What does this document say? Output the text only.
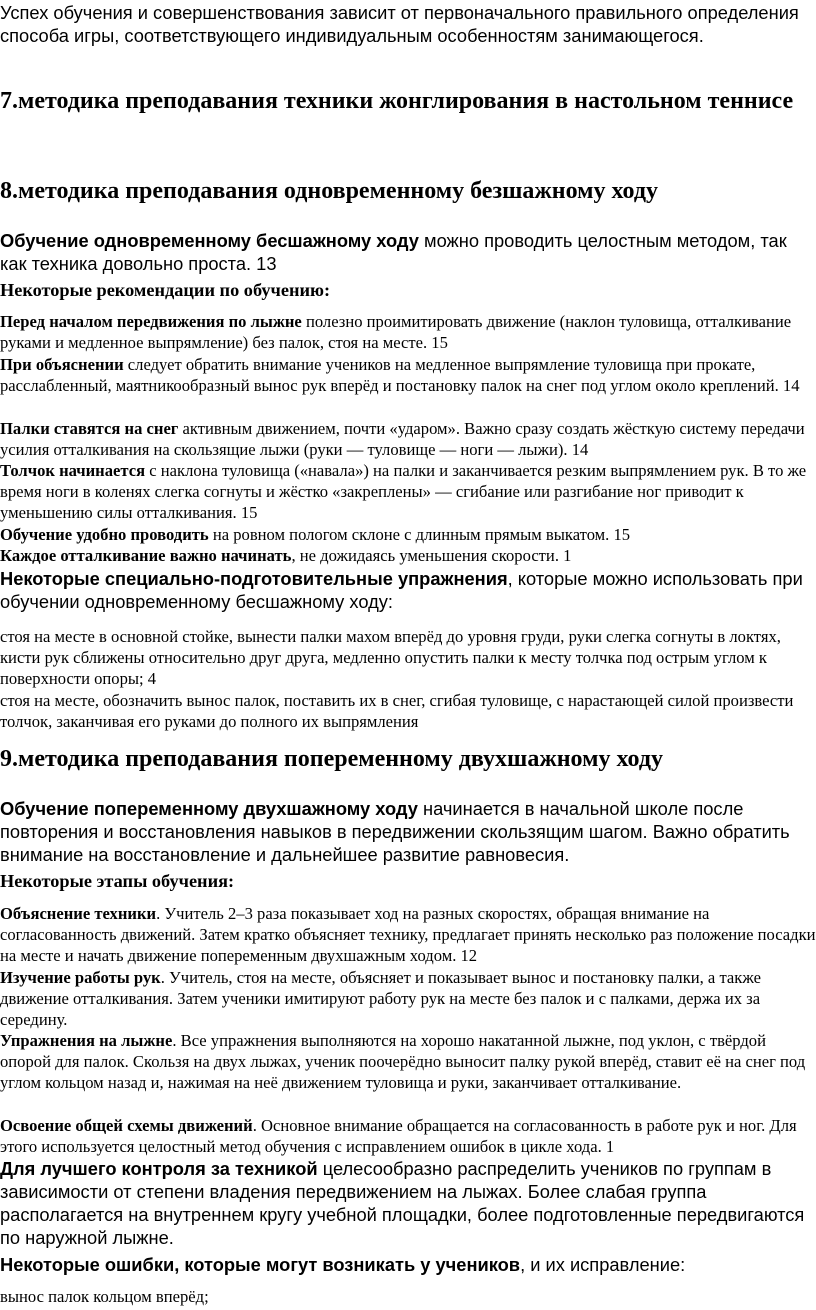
Успех обучения и совершенствования зависит от первоначального правильного определения способа игры, соответствующего индивидуальным особенностям занимающегося.

7.методика преподавания техники жонглирования в настольном теннисе
8.методика преподавания одновременному безшажному ходу

Обучение одновременному бесшажному ходу можно проводить целостным методом, так как техника довольно проста. 13

Некоторые рекомендации по обучению:

Перед началом передвижения по лыжне полезно проимитировать движение (наклон туловища, отталкивание руками и медленное выпрямление) без палок, стоя на месте. 15

При объяснении следует обратить внимание учеников на медленное выпрямление туловища при прокате, расслабленный, маятникообразный вынос рук вперёд и постановку палок на снег под углом около креплений. 14

Палки ставятся на снег активным движением, почти «ударом». Важно сразу создать жёсткую систему передачи усилия отталкивания на скользящие лыжи (руки — туловище — ноги — лыжи). 14

Толчок начинается с наклона туловища («навала») на палки и заканчивается резким выпрямлением рук. В то же время ноги в коленях слегка согнуты и жёстко «закреплены» — сгибание или разгибание ног приводит к уменьшению силы отталкивания. 15

Обучение удобно проводить на ровном пологом склоне с длинным прямым выкатом. 15

Каждое отталкивание важно начинать, не дожидаясь уменьшения скорости. 1

Некоторые специально-подготовительные упражнения, которые можно использовать при обучении одновременному бесшажному ходу:

стоя на месте в основной стойке, вынести палки махом вперёд до уровня груди, руки слегка согнуты в локтях, кисти рук сближены относительно друг друга, медленно опустить палки к месту толчка под острым углом к поверхности опоры; 4

стоя на месте, обозначить вынос палок, поставить их в снег, сгибая туловище, с нарастающей силой произвести толчок, заканчивая его руками до полного их выпрямления

9.методика преподавания попеременному двухшажному ходу

Обучение попеременному двухшажному ходу начинается в начальной школе после повторения и восстановления навыков в передвижении скользящим шагом. Важно обратить внимание на восстановление и дальнейшее развитие равновесия.

Некоторые этапы обучения:

Объяснение техники. Учитель 2–3 раза показывает ход на разных скоростях, обращая внимание на согласованность движений. Затем кратко объясняет технику, предлагает принять несколько раз положение посадки на месте и начать движение попеременным двухшажным ходом. 12

Изучение работы рук. Учитель, стоя на месте, объясняет и показывает вынос и постановку палки, а также движение отталкивания. Затем ученики имитируют работу рук на месте без палок и с палками, держа их за середину.

Упражнения на лыжне. Все упражнения выполняются на хорошо накатанной лыжне, под уклон, с твёрдой опорой для палок. Скользя на двух лыжах, ученик поочерёдно выносит палку рукой вперёд, ставит её на снег под углом кольцом назад и, нажимая на неё движением туловища и руки, заканчивает отталкивание.

Освоение общей схемы движений. Основное внимание обращается на согласованность в работе рук и ног. Для этого используется целостный метод обучения с исправлением ошибок в цикле хода. 1

Для лучшего контроля за техникой целесообразно распределить учеников по группам в зависимости от степени владения передвижением на лыжах. Более слабая группа располагается на внутреннем кругу учебной площадки, более подготовленные передвигаются по наружной лыжне.

Некоторые ошибки, которые могут возникать у учеников, и их исправление:

вынос палок кольцом вперёд;
